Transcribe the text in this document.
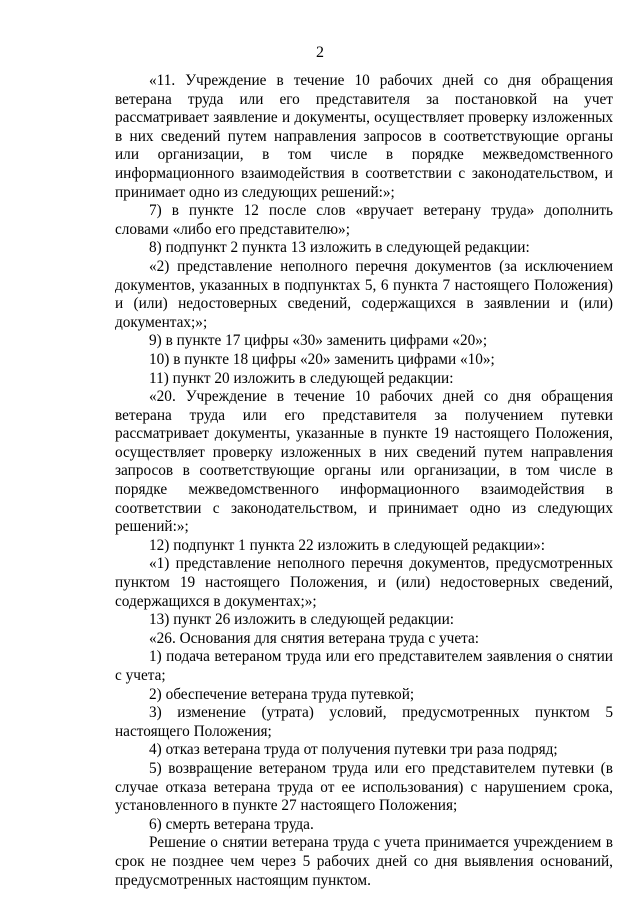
2

«11. Учреждение в течение 10 рабочих дней со дня обращения ветерана труда или его представителя за постановкой на учет рассматривает заявление и документы, осуществляет проверку изложенных в них сведений путем направления запросов в соответствующие органы или организации, в том числе в порядке межведомственного информационного взаимодействия в соответствии с законодательством, и принимает одно из следующих решений:»;

7) в пункте 12 после слов «вручает ветерану труда» дополнить словами «либо его представителю»;

8) подпункт 2 пункта 13 изложить в следующей редакции:

«2) представление неполного перечня документов (за исключением документов, указанных в подпунктах 5, 6 пункта 7 настоящего Положения) и (или) недостоверных сведений, содержащихся в заявлении и (или) документах;»;

9) в пункте 17 цифры «30» заменить цифрами «20»;

10) в пункте 18 цифры «20» заменить цифрами «10»;

11) пункт 20 изложить в следующей редакции:

«20. Учреждение в течение 10 рабочих дней со дня обращения ветерана труда или его представителя за получением путевки рассматривает документы, указанные в пункте 19 настоящего Положения, осуществляет проверку изложенных в них сведений путем направления запросов в соответствующие органы или организации, в том числе в порядке межведомственного информационного взаимодействия в соответствии с законодательством, и принимает одно из следующих решений:»;

12) подпункт 1 пункта 22 изложить в следующей редакции»:

«1) представление неполного перечня документов, предусмотренных пунктом 19 настоящего Положения, и (или) недостоверных сведений, содержащихся в документах;»;

13) пункт 26 изложить в следующей редакции:

«26. Основания для снятия ветерана труда с учета:

1) подача ветераном труда или его представителем заявления о снятии с учета;

2) обеспечение ветерана труда путевкой;

3) изменение (утрата) условий, предусмотренных пунктом 5 настоящего Положения;

4) отказ ветерана труда от получения путевки три раза подряд;

5) возвращение ветераном труда или его представителем путевки (в случае отказа ветерана труда от ее использования) с нарушением срока, установленного в пункте 27 настоящего Положения;

6) смерть ветерана труда.

Решение о снятии ветерана труда с учета принимается учреждением в срок не позднее чем через 5 рабочих дней со дня выявления оснований, предусмотренных настоящим пунктом.
